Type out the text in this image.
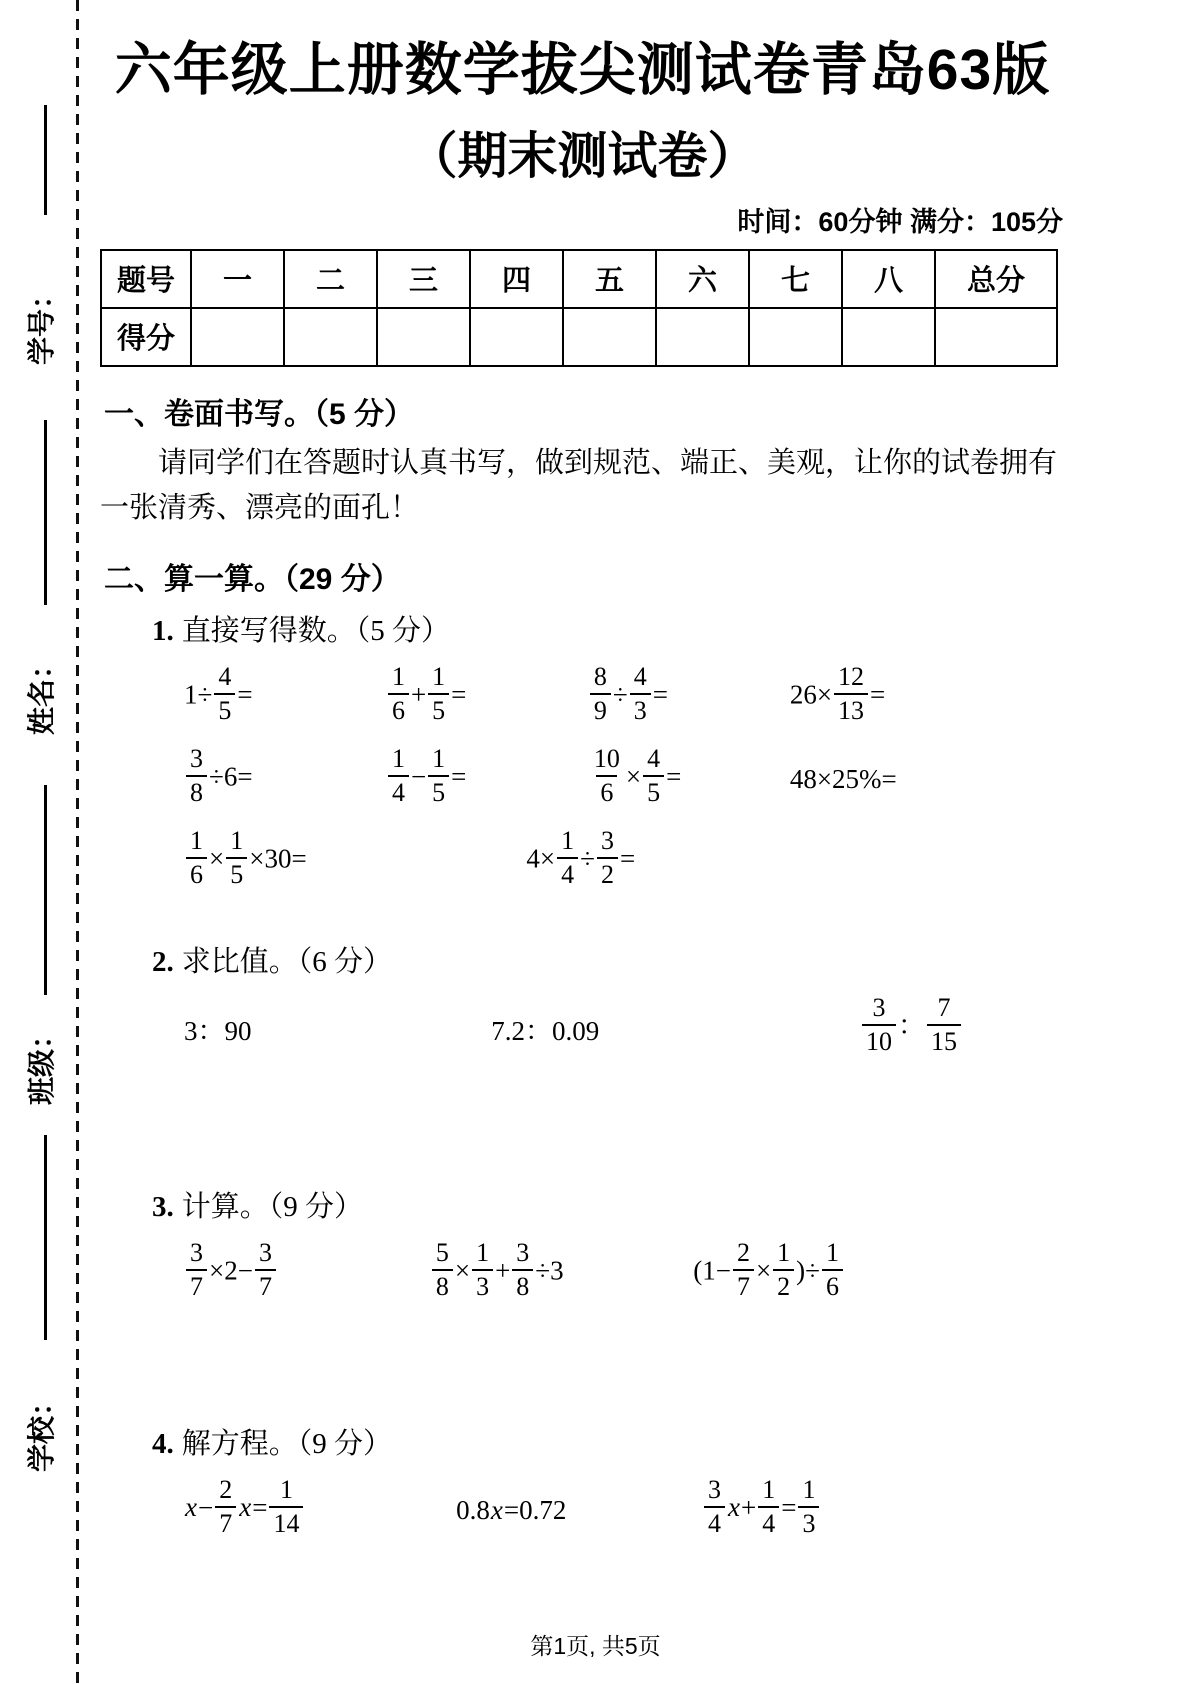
学号：
姓名：
班级：
学校：
六年级上册数学拔尖测试卷青岛63版
（期末测试卷）
时间：60分钟 满分：105分
题号	一	二	三	四	五	六	七	八	总分
得分									
一、卷面书写。（5 分）
请同学们在答题时认真书写，做到规范、端正、美观，让你的试卷拥有一张清秀、漂亮的面孔！
二、算一算。（29 分）
1. 直接写得数。（5 分）
$1\div \frac{4}{5}$ =	$\frac{1}{6} + \frac{1}{5}$ =	$\frac{8}{9} \div \frac{4}{3}$ =	$26\times \frac{12}{13}$ =
$\frac{3}{8} \div 6=$	$\frac{1}{4} - \frac{1}{5}$ =	$\frac{10}{6} \times \frac{4}{5}$ =	48×25%=
$\frac{1}{6} \times \frac{1}{5} \times 30=$	$4\times \frac{1}{4} \div \frac{3}{2}$ =
2. 求比值。（6 分）
3：90	7.2：0.09	$\frac{3}{10}$ ： $\frac{7}{15}$
3. 计算。（9 分）
$\frac{3}{7} \times 2- \frac{3}{7}$	$\frac{5}{8} \times \frac{1}{3} + \frac{3}{8} \div 3$	($1- \frac{2}{7} \times \frac{1}{2}$ )÷ $\frac{1}{6}$
4. 解方程。（9 分）
$x- \frac{2}{7} x= \frac{1}{14}$	0.8x=0.72	$\frac{3}{4} x+ \frac{1}{4} = \frac{1}{3}$
第1页, 共5页
